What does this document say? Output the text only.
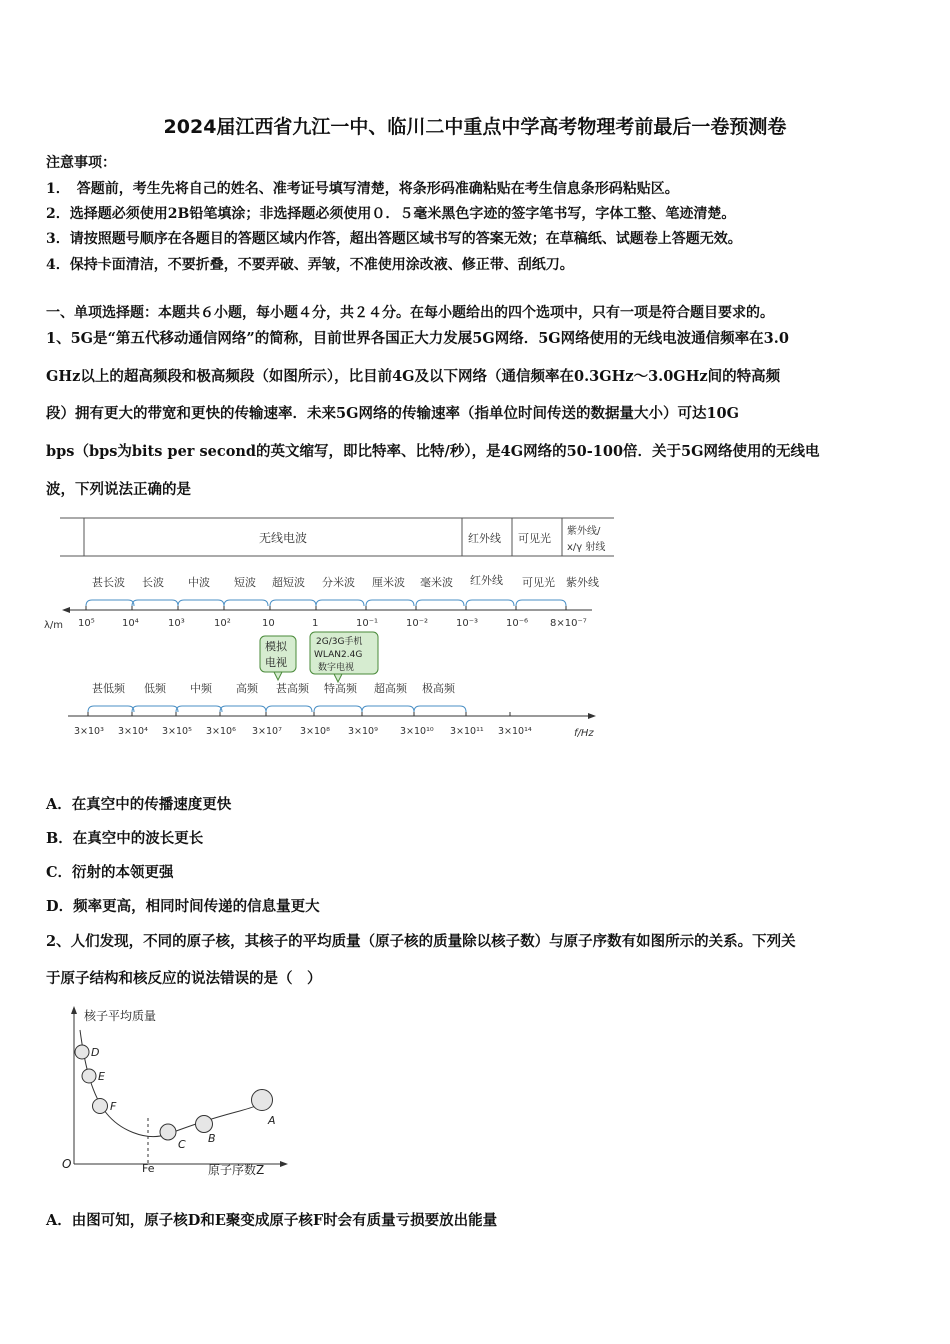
2024届江西省九江一中、临川二中重点中学高考物理考前最后一卷预测卷
注意事项：
1．　答题前，考生先将自己的姓名、准考证号填写清楚，将条形码准确粘贴在考生信息条形码粘贴区。
2．选择题必须使用2B铅笔填涂；非选择题必须使用０．５毫米黑色字迹的签字笔书写，字体工整、笔迹清楚。
3．请按照题号顺序在各题目的答题区域内作答，超出答题区域书写的答案无效；在草稿纸、试题卷上答题无效。
4．保持卡面清洁，不要折叠，不要弄破、弄皱，不准使用涂改液、修正带、刮纸刀。
一、单项选择题：本题共６小题，每小题４分，共２４分。在每小题给出的四个选项中，只有一项是符合题目要求的。
1、5G是“第五代移动通信网络”的简称，目前世界各国正大力发展5G网络．5G网络使用的无线电波通信频率在3.0
GHz以上的超高频段和极高频段（如图所示），比目前4G及以下网络（通信频率在0.3GHz～3.0GHz间的特高频
段）拥有更大的带宽和更快的传输速率．未来5G网络的传输速率（指单位时间传送的数据量大小）可达10G
bps（bps为bits per second的英文缩写，即比特率、比特/秒），是4G网络的50-100倍．关于5G网络使用的无线电
波，下列说法正确的是
无线电波	红外线 可见光
紫外线/
x/γ 射线
甚长波 长波 中波 短波 超短波 分米波 厘米波 毫米波 红外线 可见光 紫外线
λ/m 10⁵	10⁴	10³	10²	10	1	10⁻¹	10⁻²	10⁻³	10⁻⁶ 8×10⁻⁷
模拟
电视
2G/3G手机
WLAN2.4G
数字电视
甚低频 低频 中频 高频 甚高频 特高频 超高频 极高频
3×10³ 3×10⁴ 3×10⁵ 3×10⁶ 3×10⁷ 3×10⁸ 3×10⁹ 3×10¹⁰ 3×10¹¹ 3×10¹⁴	f/Hz
A．在真空中的传播速度更快
B．在真空中的波长更长
C．衍射的本领更强
D．频率更高，相同时间传递的信息量更大
2、人们发现，不同的原子核，其核子的平均质量（原子核的质量除以核子数）与原子序数有如图所示的关系。下列关
于原子结构和核反应的说法错误的是（　）
核子平均质量
O	Fe	原子序数Z
D
E
F
C B
A
A．由图可知，原子核D和E聚变成原子核F时会有质量亏损要放出能量
